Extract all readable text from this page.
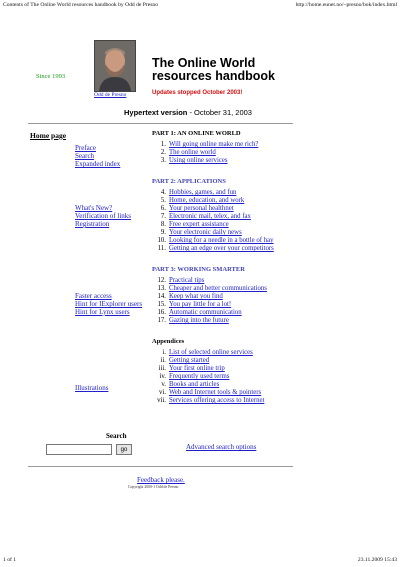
Contents of The Online World resources handbook by Odd de Presno	http://home.eunet.no/~presno/bok/index.html
Since 1993
Odd de Presno
The Online World
resources handbook
Updates stopped October 2003!
Hypertext version - October 31, 2003
Home page
Preface
Search
Expanded index
What's New?
Verification of links
Registration
Faster access
Hint for IExplorer users
Hint for Lynx users
Illustrations
Search
go
PART 1: AN ONLINE WORLD
1. Will going online make me rich?
2. The online world
3. Using online services
PART 2: APPLICATIONS
4. Hobbies, games, and fun
5. Home, education, and work
6. Your personal healthnet
7. Electronic mail, telex, and fax
8. Free expert assistance
9. Your electronic daily news
10. Looking for a needle in a bottle of hay
11. Getting an edge over your competitors
PART 3: WORKING SMARTER
12. Practical tips
13. Cheaper and better communications
14. Keep what you find
15. You pay little for a lot!
16. Automatic communication
17. Gazing into the future
Appendices
i. List of selected online services
ii. Getting started
iii. Your first online trip
iv. Frequently used terms
v. Books and articles
vi. Web and Internet tools & pointers
vii. Services offering access to Internet
Advanced search options
Feedback please.
Copyright 2000-1 Odd de Presno
1 of 1	23.11.2009 15:43
